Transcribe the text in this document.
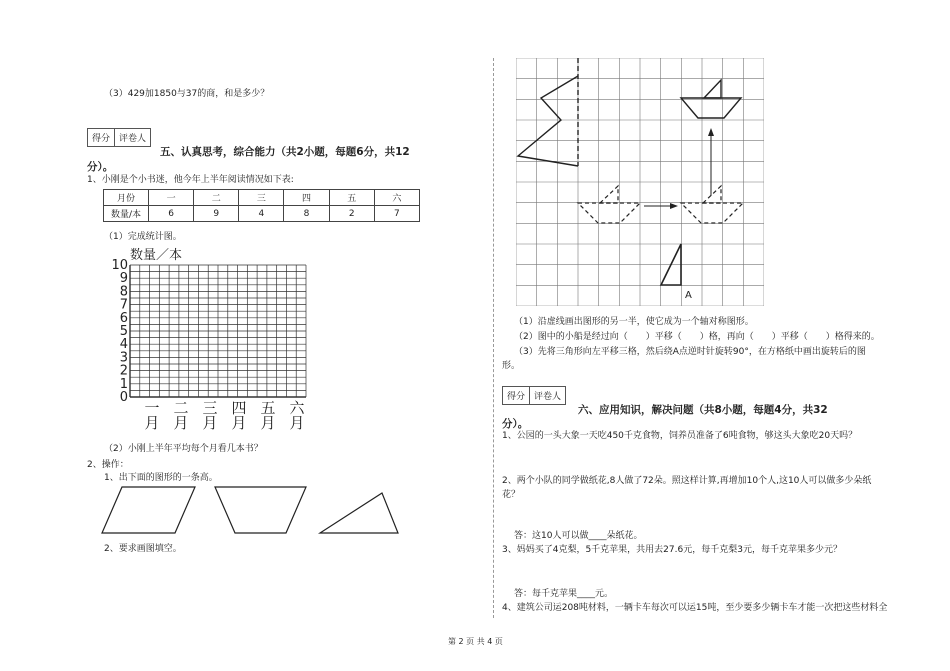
（3）429加1850与37的商，和是多少？
得分	评卷人
五、认真思考，综合能力（共2小题，每题6分，共12
分）。
1、小刚是个小书迷，他今年上半年阅读情况如下表:
月份	一	二	三	四	五	六
数量/本	6	9	4	8	2	7
（1）完成统计图。
数量／本
10
9
8
7
6
5
4
3
2
1
0
一
月
二
月
三
月
四
月
五
月
六
月
（2）小刚上半年平均每个月看几本书？
2、操作：
1、出下面的图形的一条高。
2、要求画图填空。
A
（1）沿虚线画出图形的另一半，使它成为一个轴对称图形。
（2）图中的小船是经过向（　　）平移（　　）格，再向（　　）平移（　　）格得来的。
（3）先将三角形向左平移三格，然后绕A点逆时针旋转90°，在方格纸中画出旋转后的图
形。
得分	评卷人
六、应用知识，解决问题（共8小题，每题4分，共32
分）。
1、公园的一头大象一天吃450千克食物，饲养员准备了6吨食物，够这头大象吃20天吗？
2、两个小队的同学做纸花,8人做了72朵。照这样计算,再增加10个人,这10人可以做多少朵纸
花？
答：这10人可以做____朵纸花。
3、妈妈买了4克梨，5千克苹果，共用去27.6元，每千克梨3元，每千克苹果多少元？
答：每千克苹果____元。
4、建筑公司运208吨材料，一辆卡车每次可以运15吨，至少要多少辆卡车才能一次把这些材料全
第 2 页 共 4 页
